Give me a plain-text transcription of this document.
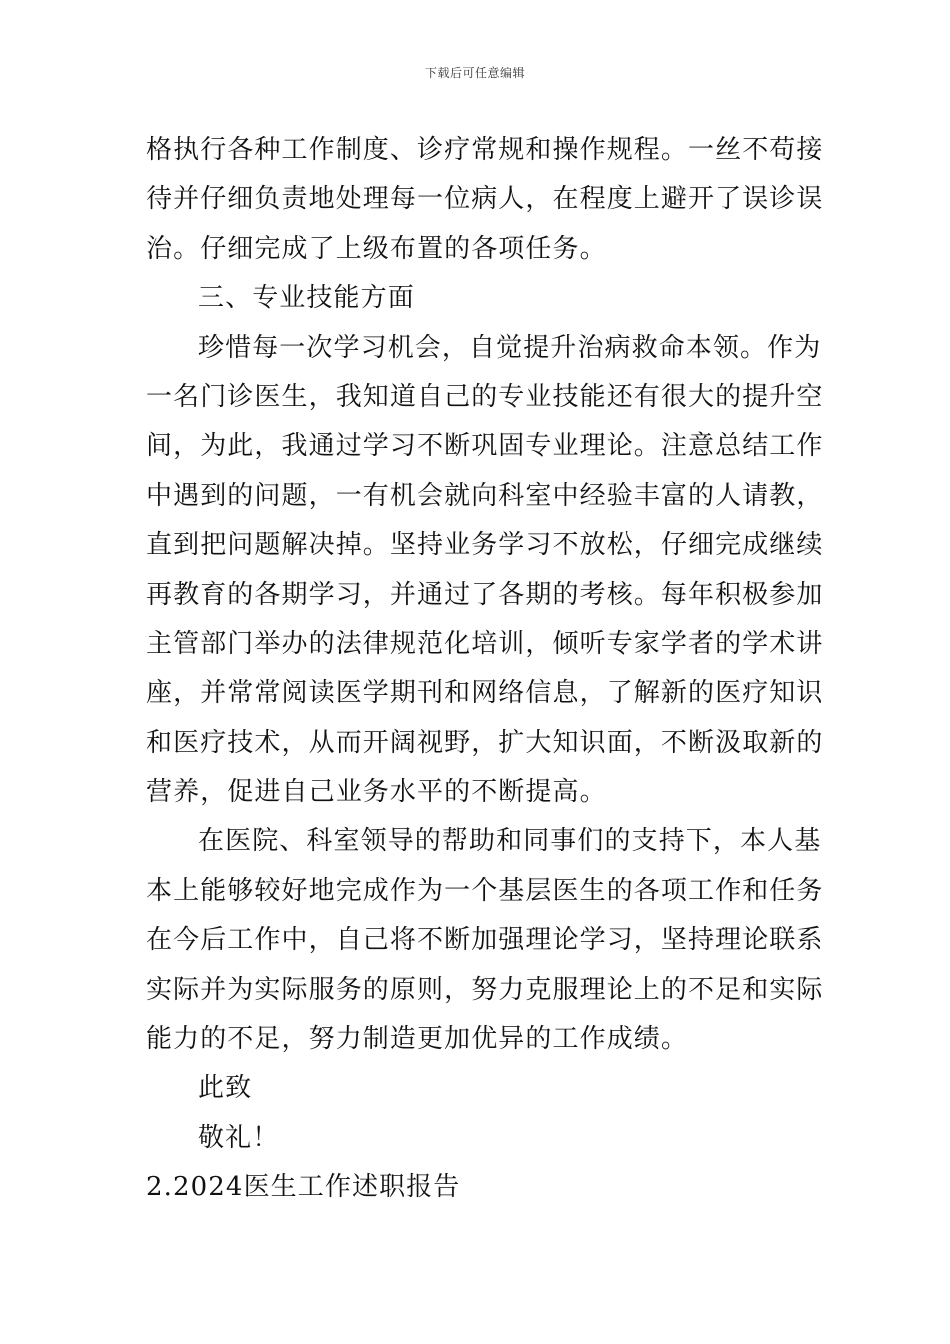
下载后可任意编辑
格执行各种工作制度、诊疗常规和操作规程。一丝不苟接
待并仔细负责地处理每一位病人，在程度上避开了误诊误
治。仔细完成了上级布置的各项任务。
三、专业技能方面
珍惜每一次学习机会，自觉提升治病救命本领。作为
一名门诊医生，我知道自己的专业技能还有很大的提升空
间，为此，我通过学习不断巩固专业理论。注意总结工作
中遇到的问题，一有机会就向科室中经验丰富的人请教，
直到把问题解决掉。坚持业务学习不放松，仔细完成继续
再教育的各期学习，并通过了各期的考核。每年积极参加
主管部门举办的法律规范化培训，倾听专家学者的学术讲
座，并常常阅读医学期刊和网络信息，了解新的医疗知识
和医疗技术，从而开阔视野，扩大知识面，不断汲取新的
营养，促进自己业务水平的不断提高。
在医院、科室领导的帮助和同事们的支持下，本人基
本上能够较好地完成作为一个基层医生的各项工作和任务
在今后工作中，自己将不断加强理论学习，坚持理论联系
实际并为实际服务的原则，努力克服理论上的不足和实际
能力的不足，努力制造更加优异的工作成绩。
此致
敬礼！
2.2024医生工作述职报告
